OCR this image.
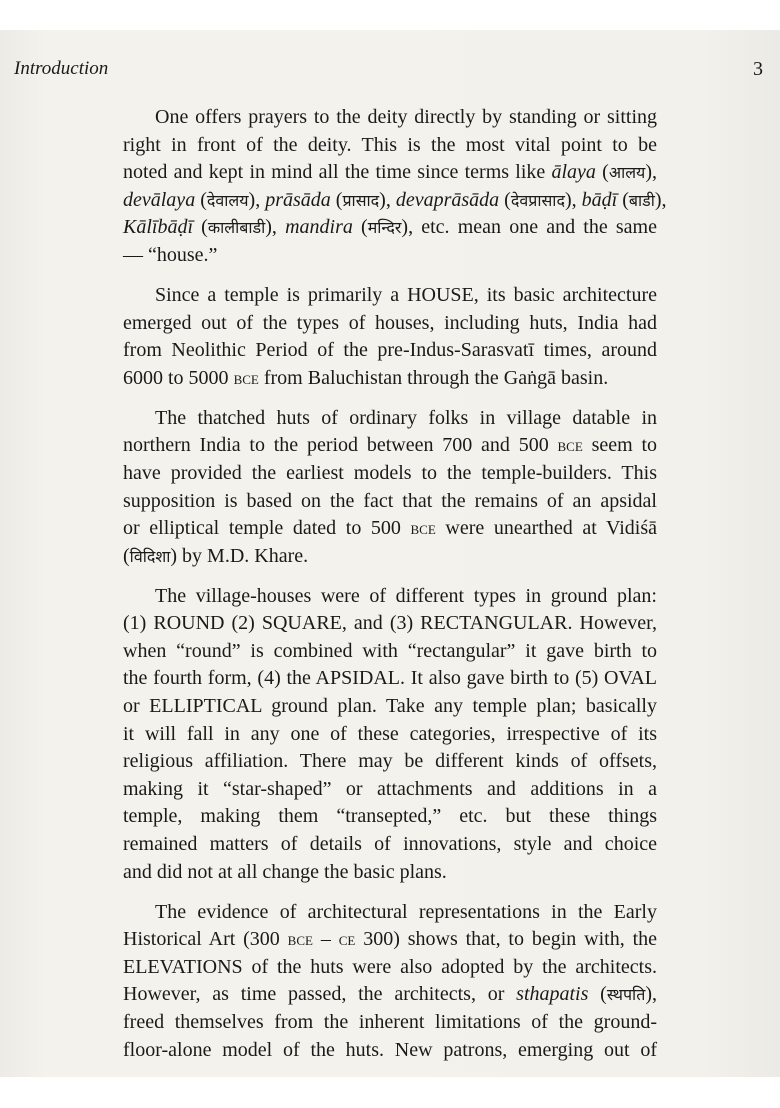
Introduction	3
One offers prayers to the deity directly by standing or sitting
right in front of the deity. This is the most vital point to be
noted and kept in mind all the time since terms like ālaya (आलय),
devālaya (देवालय), prāsāda (प्रासाद), devaprāsāda (देवप्रासाद), bāḍī (बाडी),
Kālībāḍī (कालीबाडी), mandira (मन्दिर), etc. mean one and the same
— “house.”
Since a temple is primarily a HOUSE, its basic architecture
emerged out of the types of houses, including huts, India had
from Neolithic Period of the pre-Indus-Sarasvatī times, around
6000 to 5000 bce from Baluchistan through the Gaṅgā basin.
The thatched huts of ordinary folks in village datable in
northern India to the period between 700 and 500 bce seem to
have provided the earliest models to the temple-builders. This
supposition is based on the fact that the remains of an apsidal
or elliptical temple dated to 500 bce were unearthed at Vidiśā
(विदिशा) by M.D. Khare.
The village-houses were of different types in ground plan:
(1) ROUND (2) SQUARE, and (3) RECTANGULAR. However,
when “round” is combined with “rectangular” it gave birth to
the fourth form, (4) the APSIDAL. It also gave birth to (5) OVAL
or ELLIPTICAL ground plan. Take any temple plan; basically
it will fall in any one of these categories, irrespective of its
religious affiliation. There may be different kinds of offsets,
making it “star-shaped” or attachments and additions in a
temple, making them “transepted,” etc. but these things
remained matters of details of innovations, style and choice
and did not at all change the basic plans.
The evidence of architectural representations in the Early
Historical Art (300 bce – ce 300) shows that, to begin with, the
ELEVATIONS of the huts were also adopted by the architects.
However, as time passed, the architects, or sthapatis (स्थपति),
freed themselves from the inherent limitations of the ground-
floor-alone model of the huts. New patrons, emerging out of
